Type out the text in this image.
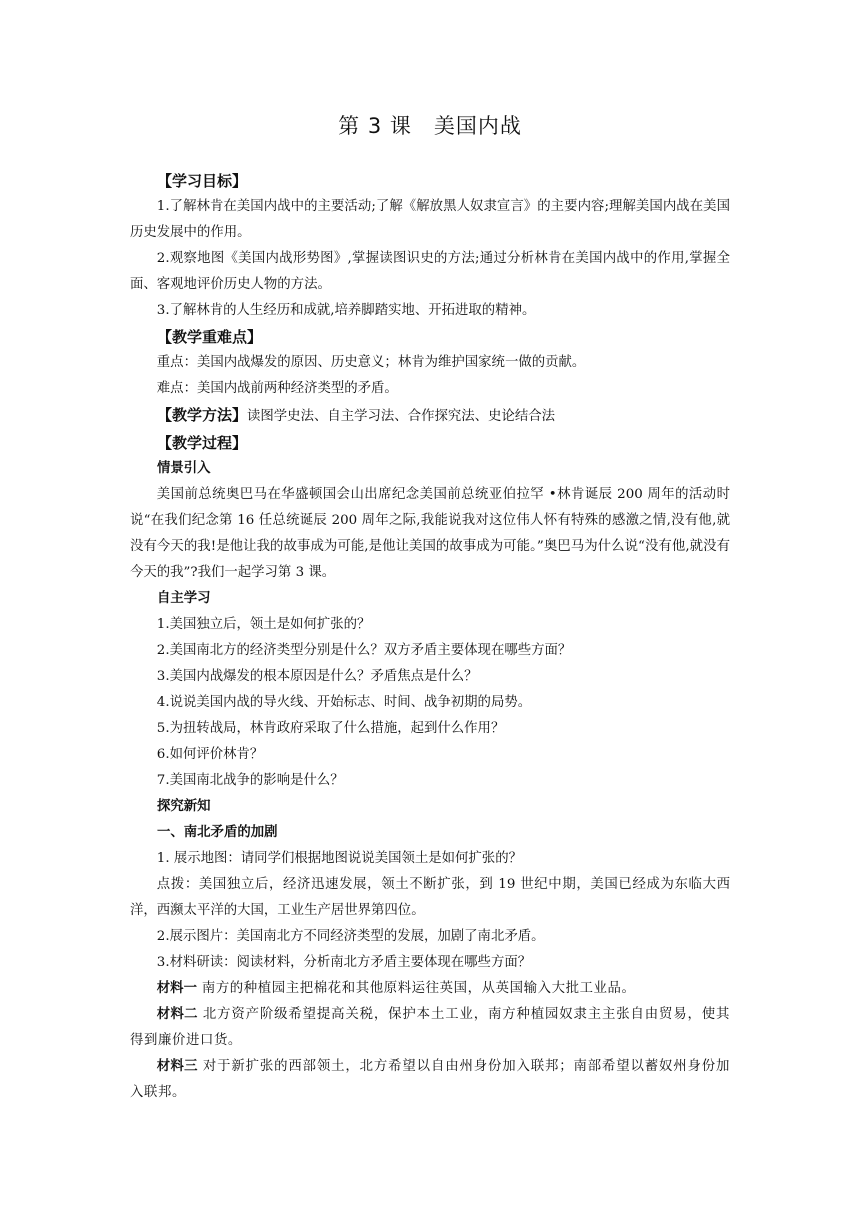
第 3 课 美国内战

【学习目标】

1.了解林肯在美国内战中的主要活动;了解《解放黑人奴隶宣言》的主要内容;理解美国内战在美国历史发展中的作用。

2.观察地图《美国内战形势图》,掌握读图识史的方法;通过分析林肯在美国内战中的作用,掌握全面、客观地评价历史人物的方法。

3.了解林肯的人生经历和成就,培养脚踏实地、开拓进取的精神。

【教学重难点】

重点：美国内战爆发的原因、历史意义；林肯为维护国家统一做的贡献。

难点：美国内战前两种经济类型的矛盾。

【教学方法】读图学史法、自主学习法、合作探究法、史论结合法

【教学过程】

情景引入

美国前总统奥巴马在华盛顿国会山出席纪念美国前总统亚伯拉罕 •林肯诞辰 200 周年的活动时说“在我们纪念第 16 任总统诞辰 200 周年之际,我能说我对这位伟人怀有特殊的感激之情,没有他,就没有今天的我!是他让我的故事成为可能,是他让美国的故事成为可能。”奥巴马为什么说“没有他,就没有今天的我”?我们一起学习第 3 课。

自主学习

1.美国独立后，领土是如何扩张的？

2.美国南北方的经济类型分别是什么？双方矛盾主要体现在哪些方面？

3.美国内战爆发的根本原因是什么？矛盾焦点是什么？

4.说说美国内战的导火线、开始标志、时间、战争初期的局势。

5.为扭转战局，林肯政府采取了什么措施，起到什么作用？

6.如何评价林肯？

7.美国南北战争的影响是什么？

探究新知

一、南北矛盾的加剧

1. 展示地图：请同学们根据地图说说美国领土是如何扩张的？

点拨：美国独立后，经济迅速发展，领土不断扩张，到 19 世纪中期，美国已经成为东临大西洋，西濒太平洋的大国，工业生产居世界第四位。

2.展示图片：美国南北方不同经济类型的发展，加剧了南北矛盾。

3.材料研读：阅读材料，分析南北方矛盾主要体现在哪些方面？

材料一 南方的种植园主把棉花和其他原料运往英国，从英国输入大批工业品。

材料二 北方资产阶级希望提高关税，保护本土工业，南方种植园奴隶主主张自由贸易，使其得到廉价进口货。

材料三 对于新扩张的西部领土，北方希望以自由州身份加入联邦；南部希望以蓄奴州身份加入联邦。
